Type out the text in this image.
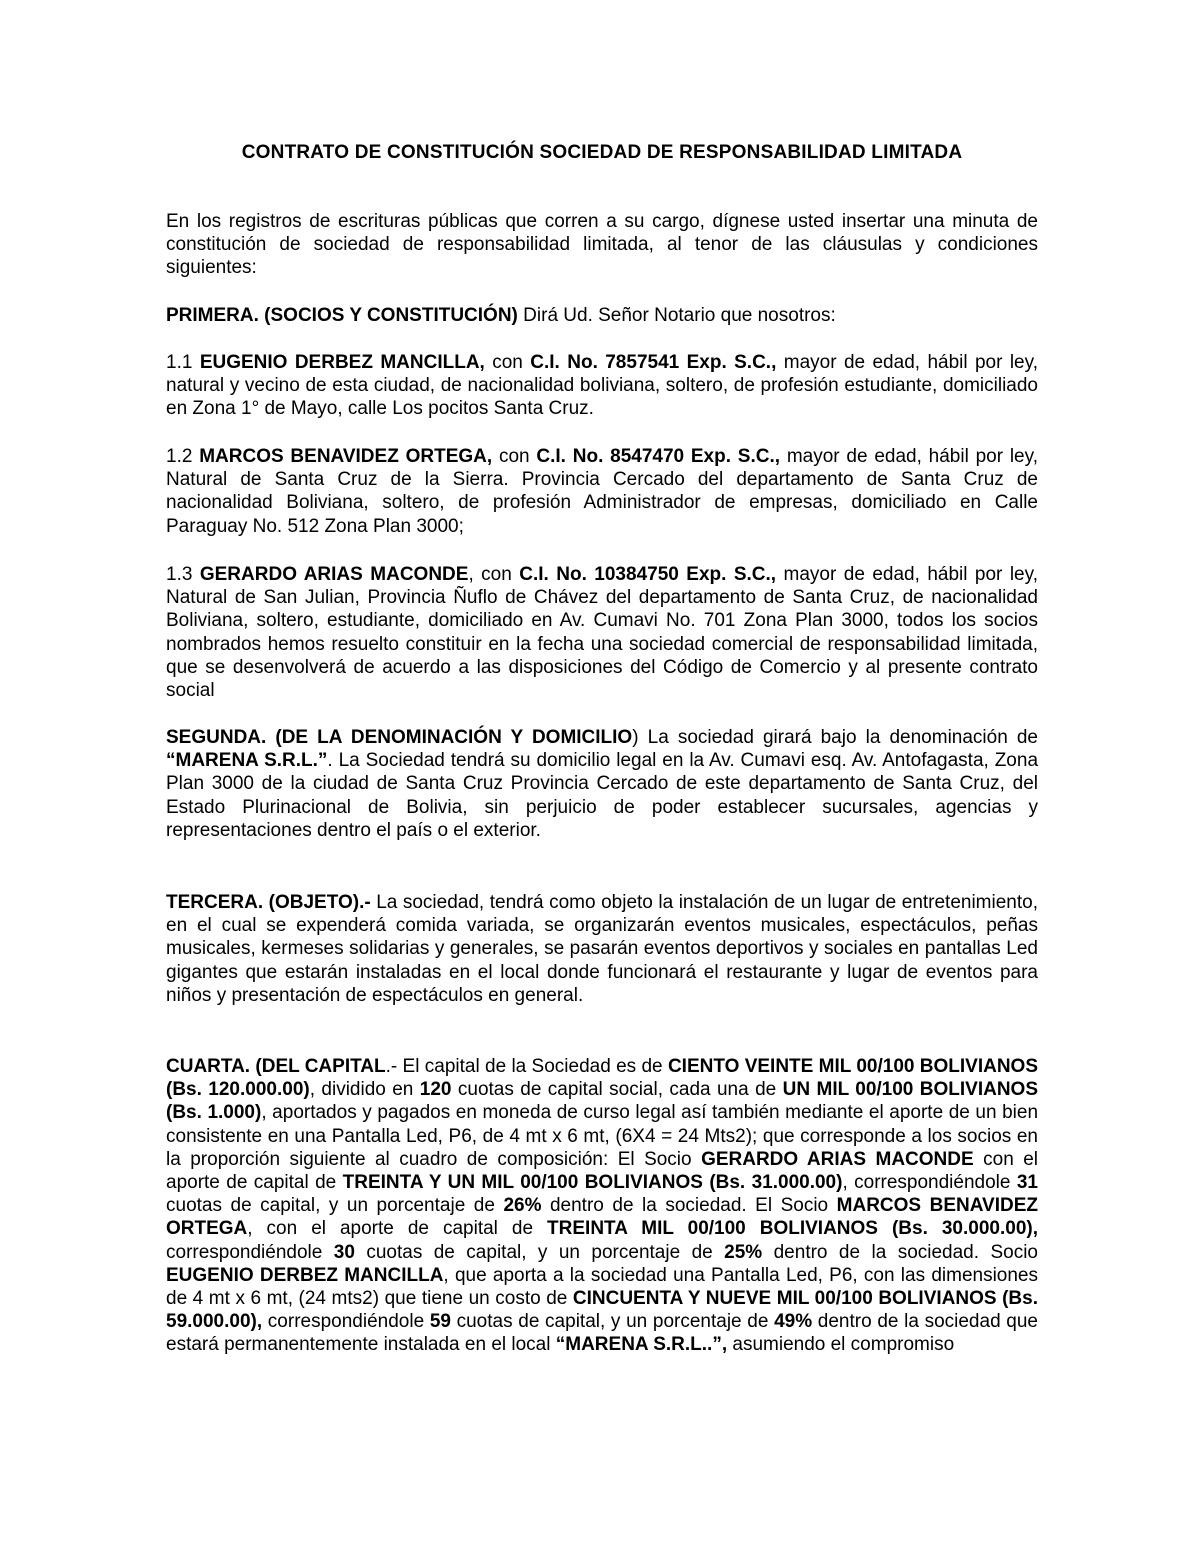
CONTRATO DE CONSTITUCIÓN SOCIEDAD DE RESPONSABILIDAD LIMITADA

En los registros de escrituras públicas que corren a su cargo, dígnese usted insertar una minuta de constitución de sociedad de responsabilidad limitada, al tenor de las cláusulas y condiciones siguientes:

PRIMERA. (SOCIOS Y CONSTITUCIÓN) Dirá Ud. Señor Notario que nosotros:

1.1 EUGENIO DERBEZ MANCILLA, con C.I. No. 7857541 Exp. S.C., mayor de edad, hábil por ley, natural y vecino de esta ciudad, de nacionalidad boliviana, soltero, de profesión estudiante, domiciliado en Zona 1° de Mayo, calle Los pocitos Santa Cruz.

1.2 MARCOS BENAVIDEZ ORTEGA, con C.I. No. 8547470 Exp. S.C., mayor de edad, hábil por ley, Natural de Santa Cruz de la Sierra. Provincia Cercado del departamento de Santa Cruz de nacionalidad Boliviana, soltero, de profesión Administrador de empresas, domiciliado en Calle Paraguay No. 512 Zona Plan 3000;

1.3 GERARDO ARIAS MACONDE, con C.I. No. 10384750 Exp. S.C., mayor de edad, hábil por ley, Natural de San Julian, Provincia Ñuflo de Chávez del departamento de Santa Cruz, de nacionalidad Boliviana, soltero, estudiante, domiciliado en Av. Cumavi No. 701 Zona Plan 3000, todos los socios nombrados hemos resuelto constituir en la fecha una sociedad comercial de responsabilidad limitada, que se desenvolverá de acuerdo a las disposiciones del Código de Comercio y al presente contrato social

SEGUNDA. (DE LA DENOMINACIÓN Y DOMICILIO) La sociedad girará bajo la denominación de “MARENA S.R.L.”. La Sociedad tendrá su domicilio legal en la Av. Cumavi esq. Av. Antofagasta, Zona Plan 3000 de la ciudad de Santa Cruz Provincia Cercado de este departamento de Santa Cruz, del Estado Plurinacional de Bolivia, sin perjuicio de poder establecer sucursales, agencias y representaciones dentro el país o el exterior.

TERCERA. (OBJETO).- La sociedad, tendrá como objeto la instalación de un lugar de entretenimiento, en el cual se expenderá comida variada, se organizarán eventos musicales, espectáculos, peñas musicales, kermeses solidarias y generales, se pasarán eventos deportivos y sociales en pantallas Led gigantes que estarán instaladas en el local donde funcionará el restaurante y lugar de eventos para niños y presentación de espectáculos en general.

CUARTA. (DEL CAPITAL.- El capital de la Sociedad es de CIENTO VEINTE MIL 00/100 BOLIVIANOS (Bs. 120.000.00), dividido en 120 cuotas de capital social, cada una de UN MIL 00/100 BOLIVIANOS (Bs. 1.000), aportados y pagados en moneda de curso legal así también mediante el aporte de un bien consistente en una Pantalla Led, P6, de 4 mt x 6 mt, (6X4 = 24 Mts2); que corresponde a los socios en la proporción siguiente al cuadro de composición: El Socio GERARDO ARIAS MACONDE con el aporte de capital de TREINTA Y UN MIL 00/100 BOLIVIANOS (Bs. 31.000.00), correspondiéndole 31 cuotas de capital, y un porcentaje de 26% dentro de la sociedad. El Socio MARCOS BENAVIDEZ ORTEGA, con el aporte de capital de TREINTA MIL 00/100 BOLIVIANOS (Bs. 30.000.00), correspondiéndole 30 cuotas de capital, y un porcentaje de 25% dentro de la sociedad. Socio EUGENIO DERBEZ MANCILLA, que aporta a la sociedad una Pantalla Led, P6, con las dimensiones de 4 mt x 6 mt, (24 mts2) que tiene un costo de CINCUENTA Y NUEVE MIL 00/100 BOLIVIANOS (Bs. 59.000.00), correspondiéndole 59 cuotas de capital, y un porcentaje de 49% dentro de la sociedad que estará permanentemente instalada en el local “MARENA S.R.L..”, asumiendo el compromiso
